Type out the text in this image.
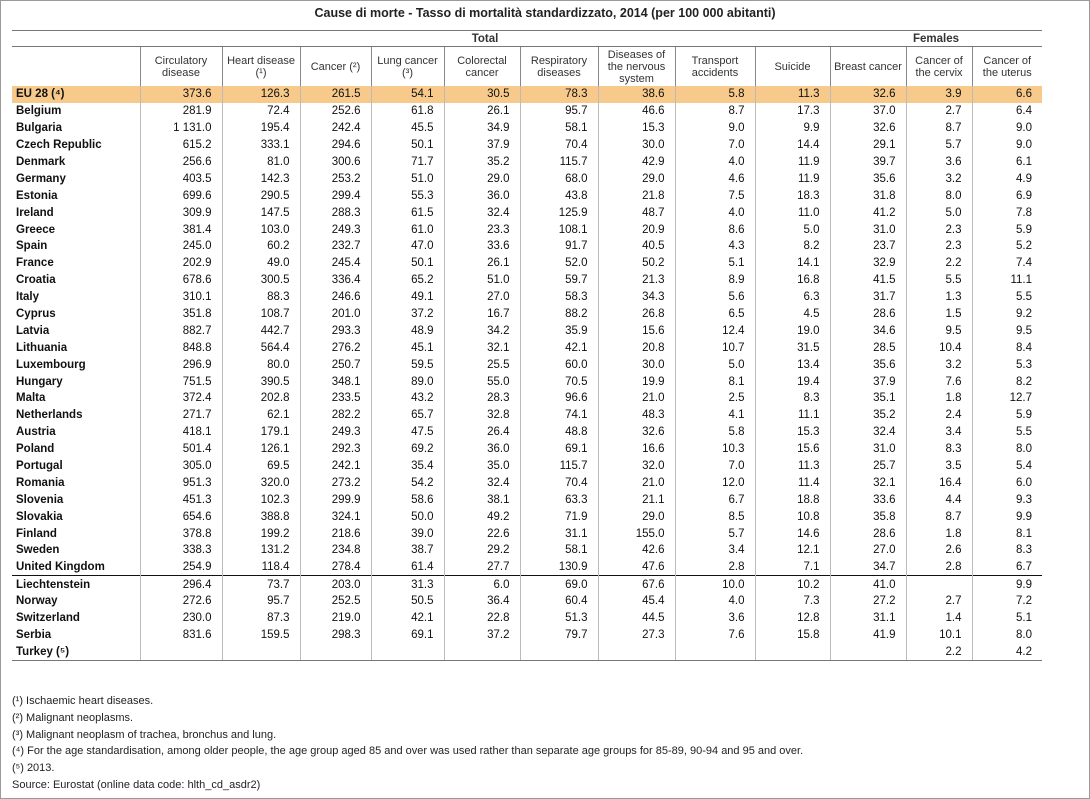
Cause di morte - Tasso di mortalità standardizzato, 2014 (per 100 000 abitanti)
	Total									Females		
	Circulatory disease	Heart disease (¹)	Cancer (²)	Lung cancer (³)	Colorectal cancer	Respiratory diseases	Diseases of the nervous system	Transport accidents	Suicide	Breast cancer	Cancer of the cervix	Cancer of the uterus
EU 28 (⁴)	373.6	126.3	261.5	54.1	30.5	78.3	38.6	5.8	11.3	32.6	3.9	6.6
Belgium	281.9	72.4	252.6	61.8	26.1	95.7	46.6	8.7	17.3	37.0	2.7	6.4
Bulgaria	1 131.0	195.4	242.4	45.5	34.9	58.1	15.3	9.0	9.9	32.6	8.7	9.0
Czech Republic	615.2	333.1	294.6	50.1	37.9	70.4	30.0	7.0	14.4	29.1	5.7	9.0
Denmark	256.6	81.0	300.6	71.7	35.2	115.7	42.9	4.0	11.9	39.7	3.6	6.1
Germany	403.5	142.3	253.2	51.0	29.0	68.0	29.0	4.6	11.9	35.6	3.2	4.9
Estonia	699.6	290.5	299.4	55.3	36.0	43.8	21.8	7.5	18.3	31.8	8.0	6.9
Ireland	309.9	147.5	288.3	61.5	32.4	125.9	48.7	4.0	11.0	41.2	5.0	7.8
Greece	381.4	103.0	249.3	61.0	23.3	108.1	20.9	8.6	5.0	31.0	2.3	5.9
Spain	245.0	60.2	232.7	47.0	33.6	91.7	40.5	4.3	8.2	23.7	2.3	5.2
France	202.9	49.0	245.4	50.1	26.1	52.0	50.2	5.1	14.1	32.9	2.2	7.4
Croatia	678.6	300.5	336.4	65.2	51.0	59.7	21.3	8.9	16.8	41.5	5.5	11.1
Italy	310.1	88.3	246.6	49.1	27.0	58.3	34.3	5.6	6.3	31.7	1.3	5.5
Cyprus	351.8	108.7	201.0	37.2	16.7	88.2	26.8	6.5	4.5	28.6	1.5	9.2
Latvia	882.7	442.7	293.3	48.9	34.2	35.9	15.6	12.4	19.0	34.6	9.5	9.5
Lithuania	848.8	564.4	276.2	45.1	32.1	42.1	20.8	10.7	31.5	28.5	10.4	8.4
Luxembourg	296.9	80.0	250.7	59.5	25.5	60.0	30.0	5.0	13.4	35.6	3.2	5.3
Hungary	751.5	390.5	348.1	89.0	55.0	70.5	19.9	8.1	19.4	37.9	7.6	8.2
Malta	372.4	202.8	233.5	43.2	28.3	96.6	21.0	2.5	8.3	35.1	1.8	12.7
Netherlands	271.7	62.1	282.2	65.7	32.8	74.1	48.3	4.1	11.1	35.2	2.4	5.9
Austria	418.1	179.1	249.3	47.5	26.4	48.8	32.6	5.8	15.3	32.4	3.4	5.5
Poland	501.4	126.1	292.3	69.2	36.0	69.1	16.6	10.3	15.6	31.0	8.3	8.0
Portugal	305.0	69.5	242.1	35.4	35.0	115.7	32.0	7.0	11.3	25.7	3.5	5.4
Romania	951.3	320.0	273.2	54.2	32.4	70.4	21.0	12.0	11.4	32.1	16.4	6.0
Slovenia	451.3	102.3	299.9	58.6	38.1	63.3	21.1	6.7	18.8	33.6	4.4	9.3
Slovakia	654.6	388.8	324.1	50.0	49.2	71.9	29.0	8.5	10.8	35.8	8.7	9.9
Finland	378.8	199.2	218.6	39.0	22.6	31.1	155.0	5.7	14.6	28.6	1.8	8.1
Sweden	338.3	131.2	234.8	38.7	29.2	58.1	42.6	3.4	12.1	27.0	2.6	8.3
United Kingdom	254.9	118.4	278.4	61.4	27.7	130.9	47.6	2.8	7.1	34.7	2.8	6.7
Liechtenstein	296.4	73.7	203.0	31.3	6.0	69.0	67.6	10.0	10.2	41.0		9.9
Norway	272.6	95.7	252.5	50.5	36.4	60.4	45.4	4.0	7.3	27.2	2.7	7.2
Switzerland	230.0	87.3	219.0	42.1	22.8	51.3	44.5	3.6	12.8	31.1	1.4	5.1
Serbia	831.6	159.5	298.3	69.1	37.2	79.7	27.3	7.6	15.8	41.9	10.1	8.0
Turkey (⁵)											2.2	4.2
(¹) Ischaemic heart diseases.
(²) Malignant neoplasms.
(³) Malignant neoplasm of trachea, bronchus and lung.
(⁴) For the age standardisation, among older people, the age group aged 85 and over was used rather than separate age groups for 85-89, 90-94 and 95 and over.
(⁵) 2013.
Source: Eurostat (online data code: hlth_cd_asdr2)
